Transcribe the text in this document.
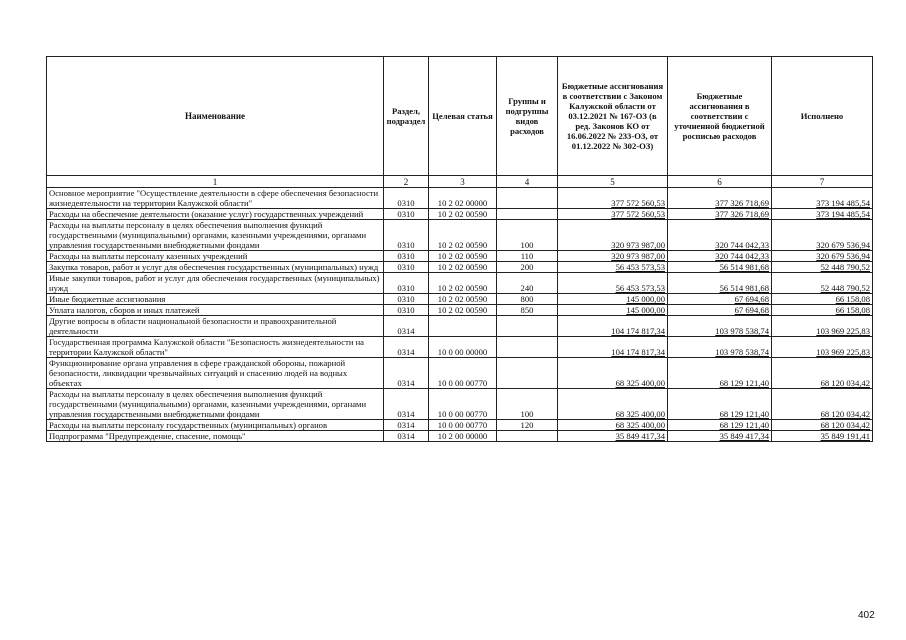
Наименование	Раздел, подраздел	Целевая статья	Группы и подгруппы видов расходов	Бюджетные ассигнования в соответствии с Законом Калужской области от 03.12.2021 № 167-ОЗ (в ред. Законов КО от 16.06.2022 № 233-ОЗ, от 01.12.2022 № 302-ОЗ)	Бюджетные ассигнования в соответствии с уточненной бюджетной росписью расходов	Исполнено
1	2	3	4	5	6	7
Основное мероприятие "Осуществление деятельности в сфере обеспечения безопасности жизнедеятельности на территории Калужской области"	0310	10 2 02 00000		377 572 560,53	377 326 718,69	373 194 485,54
Расходы на обеспечение деятельности (оказание услуг) государственных учреждений	0310	10 2 02 00590		377 572 560,53	377 326 718,69	373 194 485,54
Расходы на выплаты персоналу в целях обеспечения выполнения функций государственными (муниципальными) органами, казенными учреждениями, органами управления государственными внебюджетными фондами	0310	10 2 02 00590	100	320 973 987,00	320 744 042,33	320 679 536,94
Расходы на выплаты персоналу казенных учреждений	0310	10 2 02 00590	110	320 973 987,00	320 744 042,33	320 679 536,94
Закупка товаров, работ и услуг для обеспечения государственных (муниципальных) нужд	0310	10 2 02 00590	200	56 453 573,53	56 514 981,68	52 448 790,52
Иные закупки товаров, работ и услуг для обеспечения государственных (муниципальных) нужд	0310	10 2 02 00590	240	56 453 573,53	56 514 981,68	52 448 790,52
Иные бюджетные ассигнования	0310	10 2 02 00590	800	145 000,00	67 694,68	66 158,08
Уплата налогов, сборов и иных платежей	0310	10 2 02 00590	850	145 000,00	67 694,68	66 158,08
Другие вопросы в области национальной безопасности и правоохранительной деятельности	0314			104 174 817,34	103 978 538,74	103 969 225,83
Государственная программа Калужской области "Безопасность жизнедеятельности на территории Калужской области"	0314	10 0 00 00000		104 174 817,34	103 978 538,74	103 969 225,83
Функционирование органа управления в сфере гражданской обороны, пожарной безопасности, ликвидации чрезвычайных ситуаций и спасению людей на водных объектах	0314	10 0 00 00770		68 325 400,00	68 129 121,40	68 120 034,42
Расходы на выплаты персоналу в целях обеспечения выполнения функций государственными (муниципальными) органами, казенными учреждениями, органами управления государственными внебюджетными фондами	0314	10 0 00 00770	100	68 325 400,00	68 129 121,40	68 120 034,42
Расходы на выплаты персоналу государственных (муниципальных) органов	0314	10 0 00 00770	120	68 325 400,00	68 129 121,40	68 120 034,42
Подпрограмма "Предупреждение, спасение, помощь"	0314	10 2 00 00000		35 849 417,34	35 849 417,34	35 849 191,41
402
